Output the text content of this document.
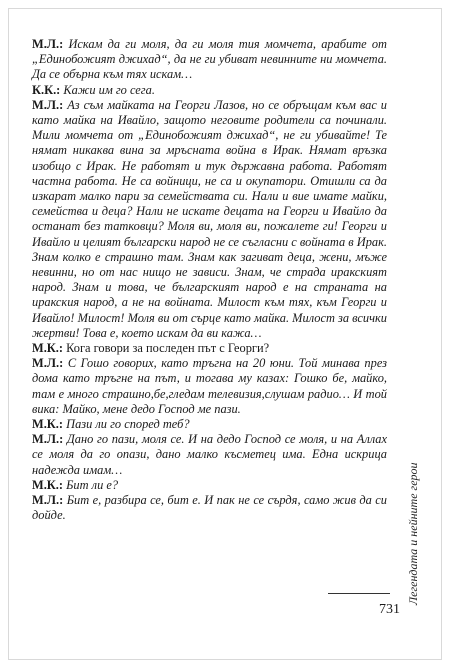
М.Л.: Искам да ги моля, да ги моля тия момчета, арабите от „Единобожият джихад“, да не ги убиват невинните ни момчета. Да се обърна към тях искам…

К.К.: Кажи им го сега.

М.Л.: Аз съм майката на Георги Лазов, но се обръщам към вас и като майка на Ивайло, защото неговите родители са починали. Мили момчета от „Единобожият джихад“, не ги убивайте! Те нямат никаква вина за мръсната война в Ирак. Нямат връзка изобщо с Ирак. Не работят и тук държавна работа. Работят частна работа. Не са войници, не са и окупатори. Отишли са да изкарат малко пари за семействата си. Нали и вие имате майки, семейства и деца? Нали не искате децата на Георги и Ивайло да останат без татковци? Моля ви, моля ви, пожалете ги! Георги и Ивайло и целият български народ не се съгласни с войната в Ирак. Знам колко е страшно там. Знам как загиват деца, жени, мъже невинни, но от нас нищо не зависи. Знам, че страда иракският народ. Знам и това, че българският народ е на страната на иракския народ, а не на войната. Милост към тях, към Георги и Ивайло! Милост! Моля ви от сърце като майка. Милост за всички жертви! Това е, което искам да ви кажа…

М.К.: Кога говори за последен път с Георги?

М.Л.: С Гошо говорих, като тръгна на 20 юни. Той минава през дома като тръгне на път, и тогава му казах: Гошко бе, майко, там е много страшно,бе,гледам телевизия,слушам радио… И той вика: Майко, мене дедо Господ ме пази.

М.К.: Пази ли го според теб?

М.Л.: Дано го пази, моля се. И на дедо Господ се моля, и на Аллах се моля да го опази, дано малко късметец има. Една искрица надежда имам…

М.К.: Бит ли е?

М.Л.: Бит е, разбира се, бит е. И пак не се сърдя, само жив да си дойде.	Легендата и нейните герои
731
